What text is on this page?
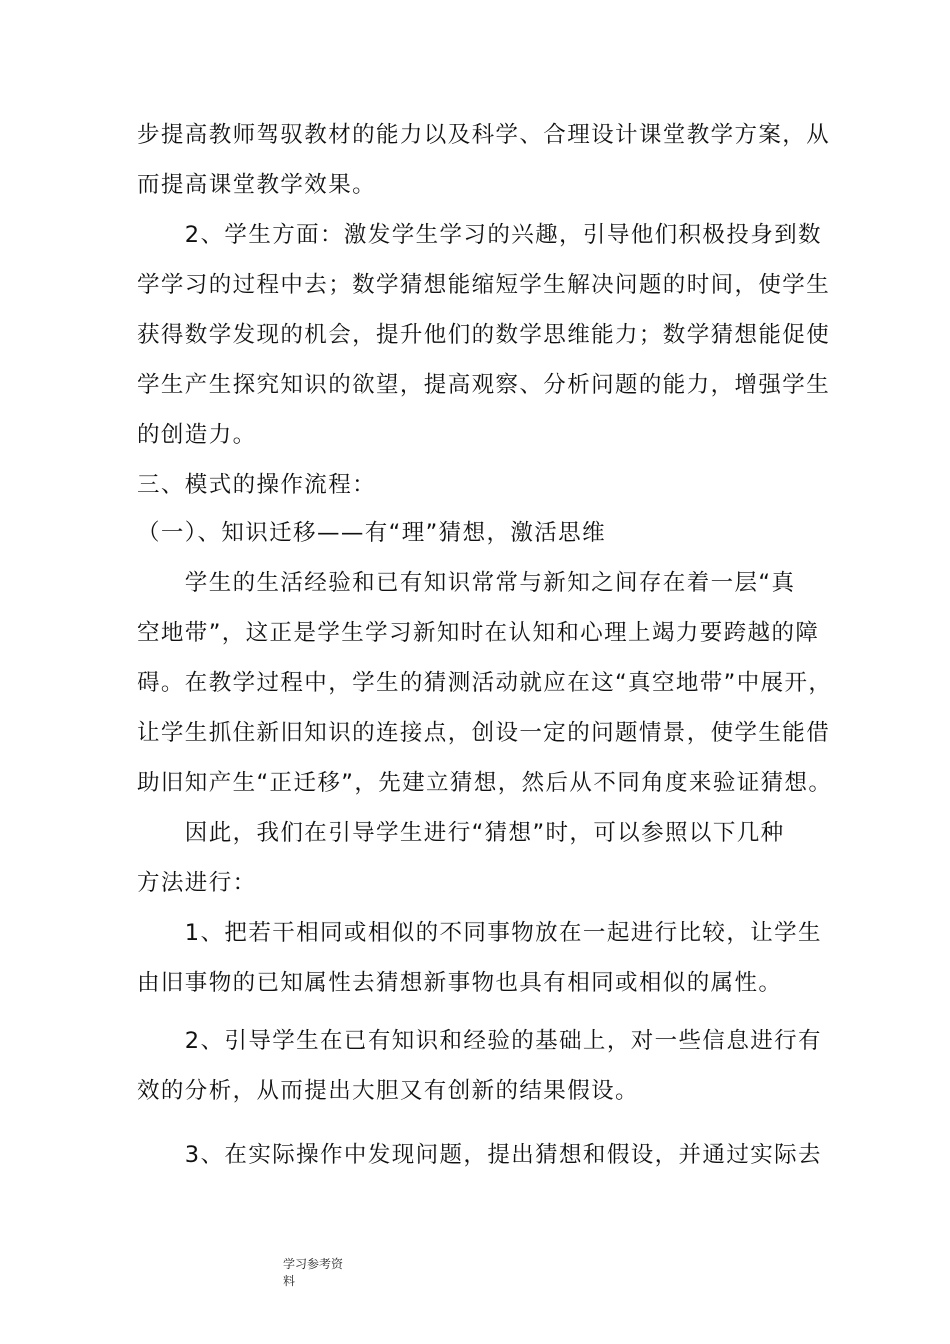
步提高教师驾驭教材的能力以及科学、合理设计课堂教学方案，从
而提高课堂教学效果。
　　2、学生方面：激发学生学习的兴趣，引导他们积极投身到数
学学习的过程中去；数学猜想能缩短学生解决问题的时间，使学生
获得数学发现的机会，提升他们的数学思维能力；数学猜想能促使
学生产生探究知识的欲望，提高观察、分析问题的能力，增强学生
的创造力。
三、模式的操作流程：
（一）、知识迁移——有“理”猜想，激活思维
　　学生的生活经验和已有知识常常与新知之间存在着一层“真
空地带”，这正是学生学习新知时在认知和心理上竭力要跨越的障
碍。在教学过程中，学生的猜测活动就应在这“真空地带”中展开，
让学生抓住新旧知识的连接点，创设一定的问题情景，使学生能借
助旧知产生“正迁移”，先建立猜想，然后从不同角度来验证猜想。
　　因此，我们在引导学生进行“猜想”时，可以参照以下几种
方法进行：
　　1、把若干相同或相似的不同事物放在一起进行比较，让学生
由旧事物的已知属性去猜想新事物也具有相同或相似的属性。
　　2、引导学生在已有知识和经验的基础上，对一些信息进行有
效的分析，从而提出大胆又有创新的结果假设。
　　3、在实际操作中发现问题，提出猜想和假设，并通过实际去
学习参考资
料
